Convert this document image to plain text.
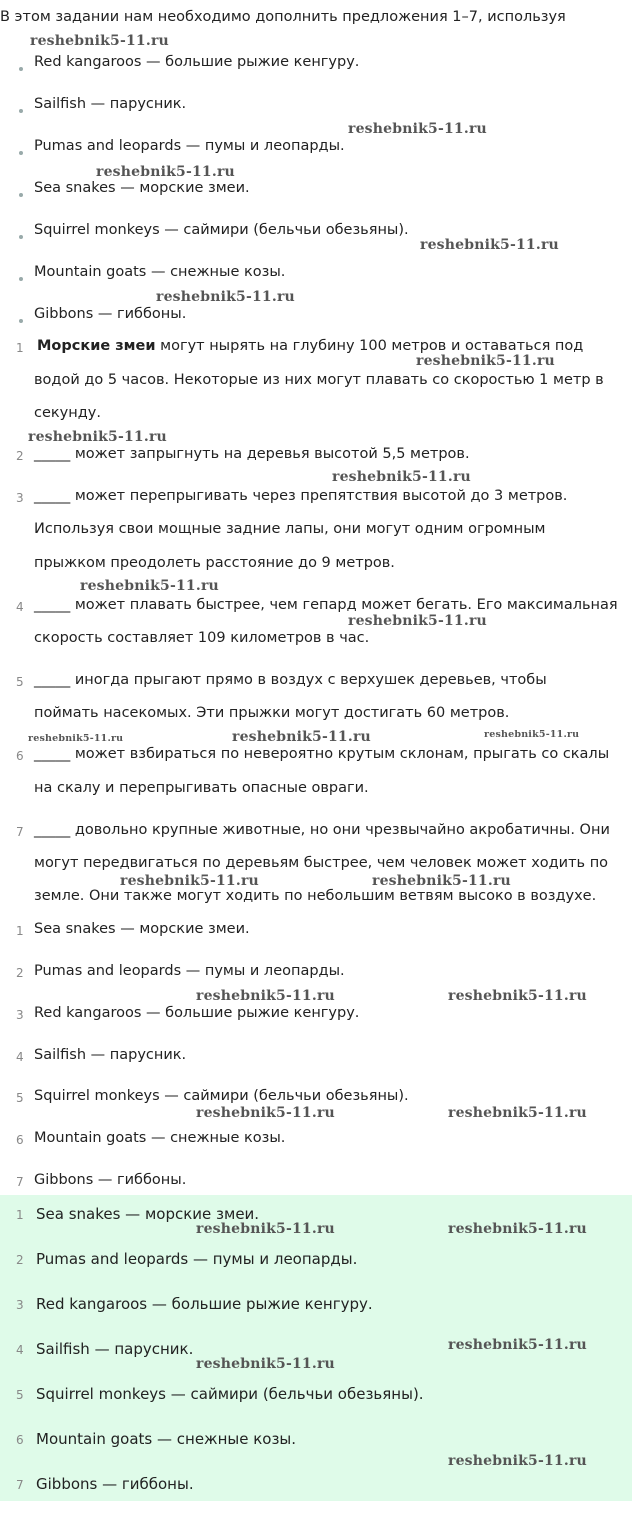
В этом задании нам необходимо дополнить предложения 1–7, используя
Red kangaroos — большие рыжие кенгуру.
Sailfish — парусник.
Pumas and leopards — пумы и леопарды.
Sea snakes — морские змеи.
Squirrel monkeys — саймири (бельчьи обезьяны).
Mountain goats — снежные козы.
Gibbons — гиббоны.
1 Морские змеи могут нырять на глубину 100 метров и оставаться под
водой до 5 часов. Некоторые из них могут плавать со скоростью 1 метр в
секунду.
2 _____ может запрыгнуть на деревья высотой 5,5 метров.
3 _____ может перепрыгивать через препятствия высотой до 3 метров.
Используя свои мощные задние лапы, они могут одним огромным
прыжком преодолеть расстояние до 9 метров.
4 _____ может плавать быстрее, чем гепард может бегать. Его максимальная
скорость составляет 109 километров в час.
5 _____ иногда прыгают прямо в воздух с верхушек деревьев, чтобы
поймать насекомых. Эти прыжки могут достигать 60 метров.
6 _____ может взбираться по невероятно крутым склонам, прыгать со скалы
на скалу и перепрыгивать опасные овраги.
7 _____ довольно крупные животные, но они чрезвычайно акробатичны. Они
могут передвигаться по деревьям быстрее, чем человек может ходить по
земле. Они также могут ходить по небольшим ветвям высоко в воздухе.
1 Sea snakes — морские змеи.
2 Pumas and leopards — пумы и леопарды.
3 Red kangaroos — большие рыжие кенгуру.
4 Sailfish — парусник.
5 Squirrel monkeys — саймири (бельчьи обезьяны).
6 Mountain goats — снежные козы.
7 Gibbons — гиббоны.
1 Sea snakes — морские змеи.
2 Pumas and leopards — пумы и леопарды.
3 Red kangaroos — большие рыжие кенгуру.
4 Sailfish — парусник.
5 Squirrel monkeys — саймири (бельчьи обезьяны).
6 Mountain goats — снежные козы.
7 Gibbons — гиббоны.
reshebnik5-11.ru
reshebnik5-11.ru
reshebnik5-11.ru
reshebnik5-11.ru
reshebnik5-11.ru
reshebnik5-11.ru
reshebnik5-11.ru
reshebnik5-11.ru
reshebnik5-11.ru
reshebnik5-11.ru
reshebnik5-11.ru	reshebnik5-11.ru	reshebnik5-11.ru
reshebnik5-11.ru	reshebnik5-11.ru
reshebnik5-11.ru	reshebnik5-11.ru
reshebnik5-11.ru	reshebnik5-11.ru
reshebnik5-11.ru	reshebnik5-11.ru
reshebnik5-11.ru
reshebnik5-11.ru
reshebnik5-11.ru
